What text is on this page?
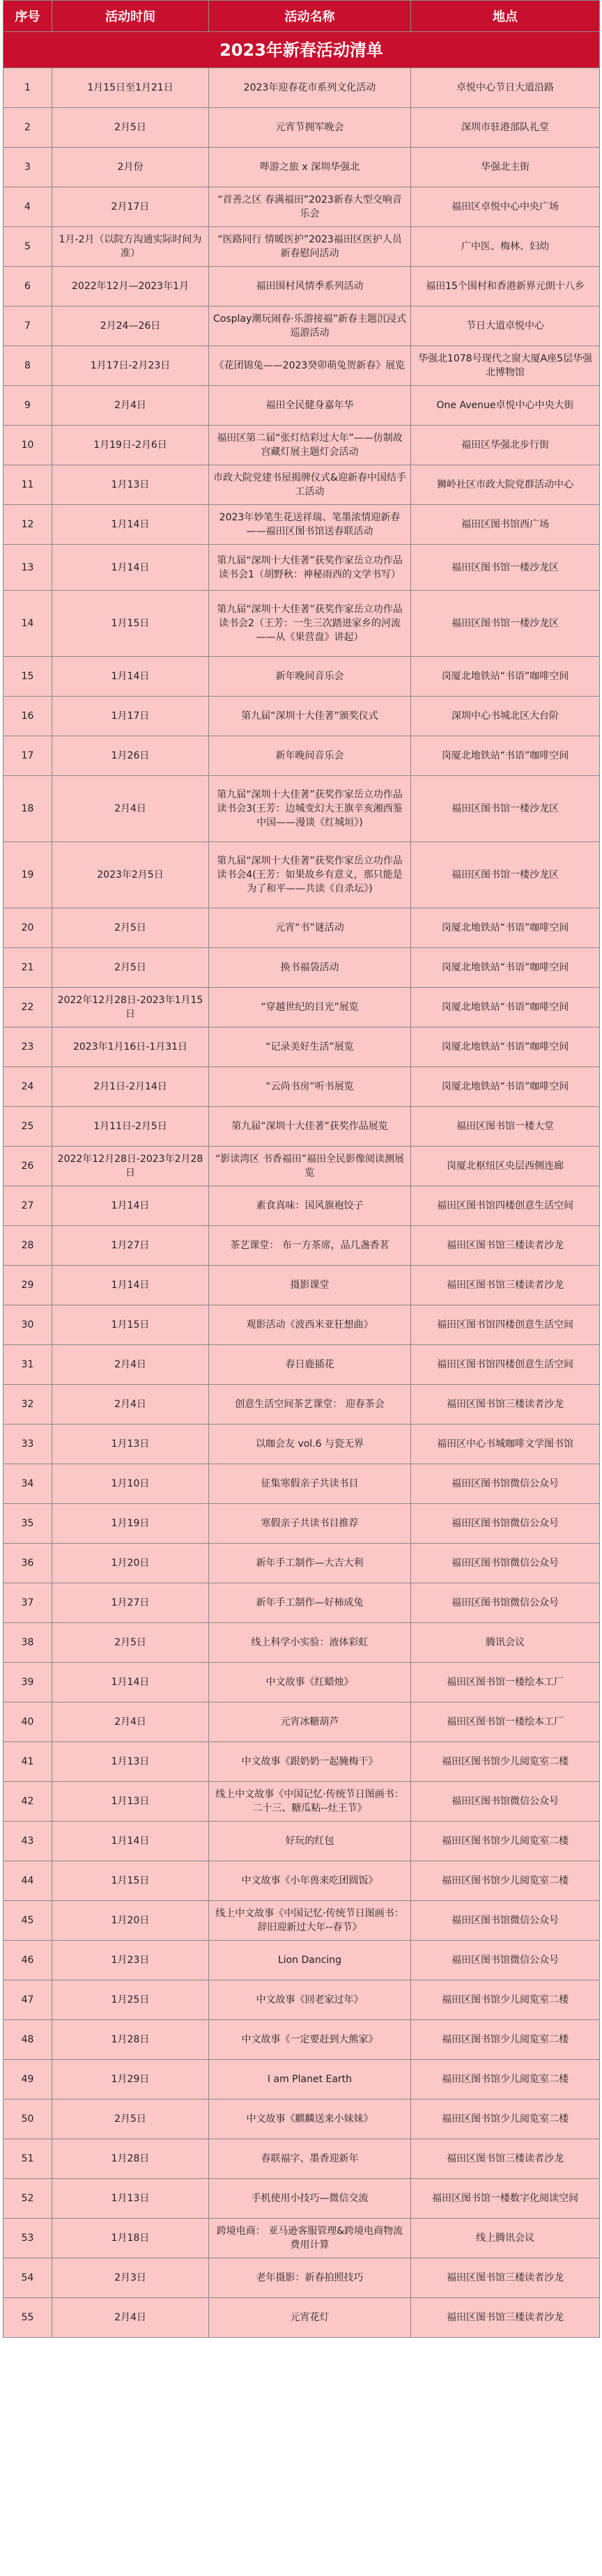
2023年新春活动清单			
序号	活动时间	活动名称	地点
1	1月15日至1月21日	2023年迎春花市系列文化活动	卓悦中心节日大道沿路
2	2月5日	元宵节拥军晚会	深圳市驻港部队礼堂
3	2月份	哔游之旅 x 深圳华强北	华强北主街
4	2月17日	“首善之区 春满福田”2023新春大型交响音乐会	福田区卓悦中心中央广场
5	1月-2月（以院方沟通实际时间为准）	“医路同行 情暖医护”2023福田区医护人员新春慰问活动	广中医、梅林、妇幼
6	2022年12月—2023年1月	福田围村风情季系列活动	福田15个围村和香港新界元朗十八乡
7	2月24—26日	Cosplay潮玩闹春·乐游接福”新春主题沉浸式巡游活动	节日大道卓悦中心
8	1月17日-2月23日	《花团锦兔——2023癸卯萌兔贺新春》展览	华强北1078号现代之窗大厦A座5层华强北博物馆
9	2月4日	福田全民健身嘉年华	One Avenue卓悦中心中央大街
10	1月19日-2月6日	福田区第二届“张灯结彩过大年”——仿制故宫藏灯展主题灯会活动	福田区华强北步行街
11	1月13日	市政大院党建书屋揭牌仪式&迎新春中国结手工活动	狮岭社区市政大院党群活动中心
12	1月14日	2023年妙笔生花送祥瑞、笔墨浓情迎新春——福田区图书馆送春联活动	福田区图书馆西广场
13	1月14日	第九届“深圳十大佳著”获奖作家岳立功作品读书会1（胡野秋：神秘雨西的文学书写）	福田区图书馆一楼沙龙区
14	1月15日	第九届“深圳十大佳著”获奖作家岳立功作品读书会2（王芳：一生三次踏进家乡的河流——从《果营盘》讲起）	福田区图书馆一楼沙龙区
15	1月14日	新年晚间音乐会	岗厦北地铁站“书语”咖啡空间
16	1月17日	第九届“深圳十大佳著”颁奖仪式	深圳中心书城北区大台阶
17	1月26日	新年晚间音乐会	岗厦北地铁站“书语”咖啡空间
18	2月4日	第九届“深圳十大佳著”获奖作家岳立功作品读书会3(王芳：边城变幻大王旗辛亥湘西鉴中国——漫谈《红城垣》)	福田区图书馆一楼沙龙区
19	2023年2月5日	第九届“深圳十大佳著”获奖作家岳立功作品读书会4(王芳：如果故乡有意义，那只能是为了和平——共读《自杀坛》)	福田区图书馆一楼沙龙区
20	2月5日	元宵“书”谜活动	岗厦北地铁站“书语”咖啡空间
21	2月5日	换书福袋活动	岗厦北地铁站“书语”咖啡空间
22	2022年12月28日-2023年1月15日	“穿越世纪的目光”展览	岗厦北地铁站“书语”咖啡空间
23	2023年1月16日-1月31日	“记录美好生活”展览	岗厦北地铁站“书语”咖啡空间
24	2月1日-2月14日	“云尚书房”听书展览	岗厦北地铁站“书语”咖啡空间
25	1月11日-2月5日	第九届“深圳十大佳著”获奖作品展览	福田区图书馆一楼大堂
26	2022年12月28日-2023年2月28日	“影读湾区 书香福田”福田全民影像阅读测展览	岗厦北枢纽区央层西侧连廊
27	1月14日	素食真味：国风旗袍饺子	福田区图书馆四楼创意生活空间
28	1月27日	茶艺课堂： 布一方茶席，品几盏香茗	福田区图书馆三楼读者沙龙
29	1月14日	摄影课堂	福田区图书馆三楼读者沙龙
30	1月15日	观影活动《波西米亚狂想曲》	福田区图书馆四楼创意生活空间
31	2月4日	春日鹿插花	福田区图书馆四楼创意生活空间
32	2月4日	创意生活空间茶艺课堂： 迎春茶会	福田区图书馆三楼读者沙龙
33	1月13日	以咖会友 vol.6 与瓷无界	福田区中心书城咖啡文学图书馆
34	1月10日	征集寒假亲子共读书目	福田区图书馆微信公众号
35	1月19日	寒假亲子共读书目推荐	福田区图书馆微信公众号
36	1月20日	新年手工制作—大吉大利	福田区图书馆微信公众号
37	1月27日	新年手工制作—好柿成兔	福田区图书馆微信公众号
38	2月5日	线上科学小实验：液体彩虹	腾讯会议
39	1月14日	中文故事《红蜡烛》	福田区图书馆一楼绘本工厂
40	2月4日	元宵冰糖葫芦	福田区图书馆一楼绘本工厂
41	1月13日	中文故事《跟奶奶一起腌梅干》	福田区图书馆少儿阅览室二楼
42	1月13日	线上中文故事《中国记忆·传统节日图画书：二十三、糖瓜粘--灶王节》	福田区图书馆微信公众号
43	1月14日	好玩的红包	福田区图书馆少儿阅览室二楼
44	1月15日	中文故事《小年兽来吃团圆饭》	福田区图书馆少儿阅览室二楼
45	1月20日	线上中文故事《中国记忆·传统节日图画书：辞旧迎新过大年--春节》	福田区图书馆微信公众号
46	1月23日	Lion Dancing	福田区图书馆微信公众号
47	1月25日	中文故事《回老家过年》	福田区图书馆少儿阅览室二楼
48	1月28日	中文故事《一定要赶到大熊家》	福田区图书馆少儿阅览室二楼
49	1月29日	I am Planet Earth	福田区图书馆少儿阅览室二楼
50	2月5日	中文故事《麒麟送来小妹妹》	福田区图书馆少儿阅览室二楼
51	1月28日	春联福字、墨香迎新年	福田区图书馆三楼读者沙龙
52	1月13日	手机使用小技巧—微信交流	福田区图书馆一楼数字化阅读空间
53	1月18日	跨境电商： 亚马逊客服管理&跨境电商物流费用计算	线上腾讯会议
54	2月3日	老年摄影：新春拍照技巧	福田区图书馆三楼读者沙龙
55	2月4日	元宵花灯	福田区图书馆三楼读者沙龙
